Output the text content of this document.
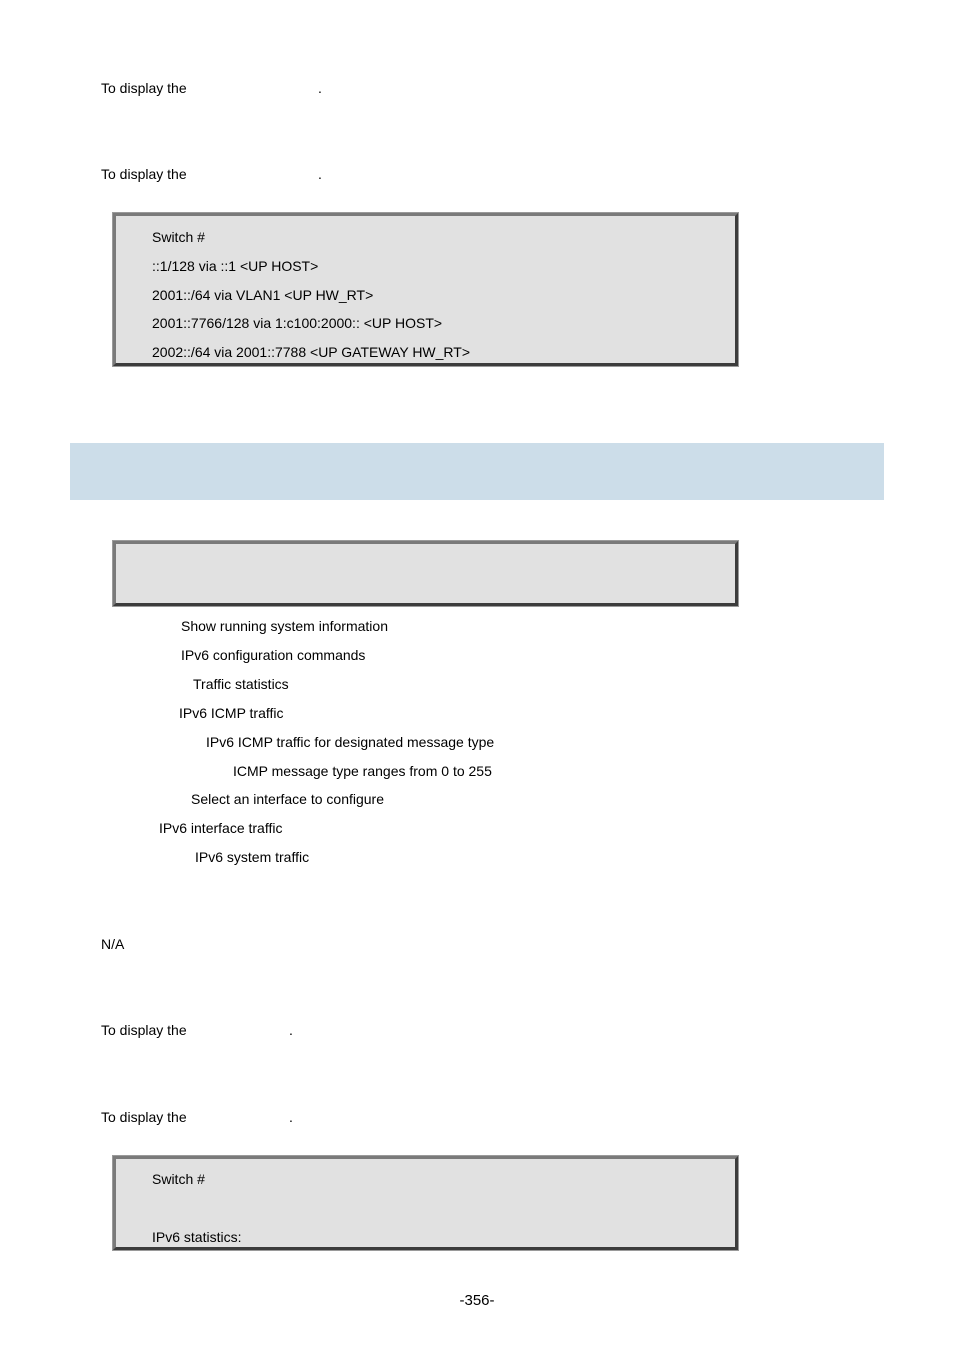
To display the	.
To display the	.
Switch #
::1/128 via ::1 <UP HOST>
2001::/64 via VLAN1 <UP HW_RT>
2001::7766/128 via 1:c100:2000:: <UP HOST>
2002::/64 via 2001::7788 <UP GATEWAY HW_RT>
Show running system information
IPv6 configuration commands
Traffic statistics
IPv6 ICMP traffic
IPv6 ICMP traffic for designated message type
ICMP message type ranges from 0 to 255
Select an interface to configure
IPv6 interface traffic
IPv6 system traffic
N/A
To display the	.
To display the	.
Switch #
IPv6 statistics:
-356-
